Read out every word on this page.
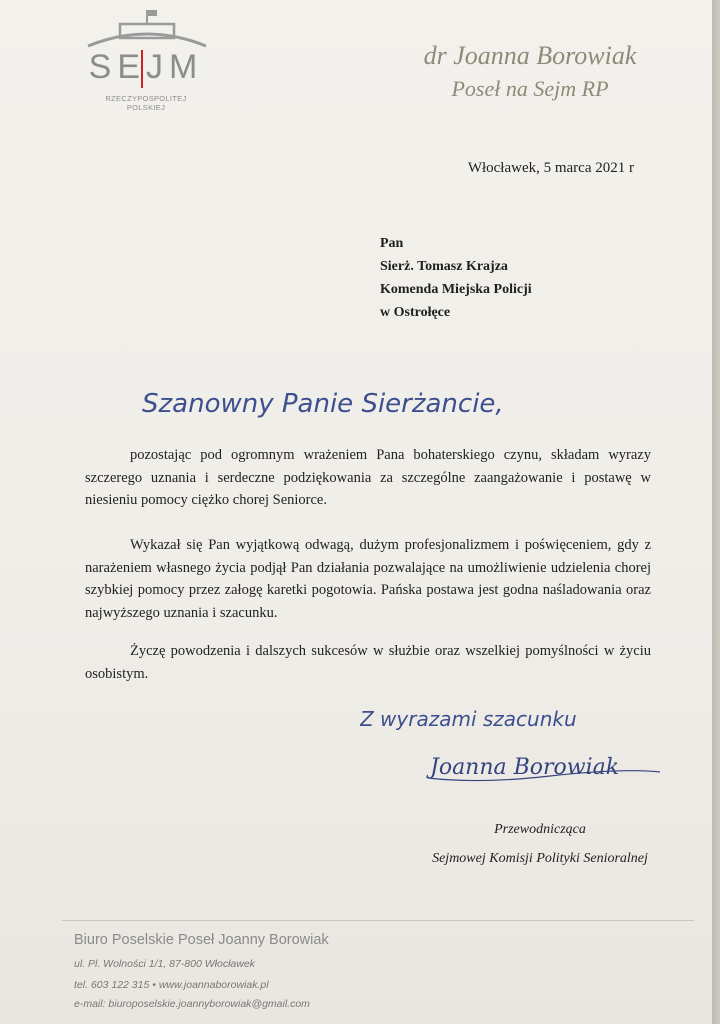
SEJM
RZECZYPOSPOLITEJ POLSKIEJ
dr Joanna Borowiak
Poseł na Sejm RP
Włocławek, 5 marca 2021 r
Pan
Sierż. Tomasz Krajza
Komenda Miejska Policji
w Ostrołęce
Szanowny Panie Sierżancie,
pozostając pod ogromnym wrażeniem Pana bohaterskiego czynu, składam wyrazy szczerego uznania i serdeczne podziękowania za szczególne zaangażowanie i postawę w niesieniu pomocy ciężko chorej Seniorce.
Wykazał się Pan wyjątkową odwagą, dużym profesjonalizmem i poświęceniem, gdy z narażeniem własnego życia podjął Pan działania pozwalające na umożliwienie udzielenia chorej szybkiej pomocy przez załogę karetki pogotowia. Pańska postawa jest godna naśladowania oraz najwyższego uznania i szacunku.
Życzę powodzenia i dalszych sukcesów w służbie oraz wszelkiej pomyślności w życiu osobistym.
Z wyrazami szacunku
Joanna Borowiak
Przewodnicząca
Sejmowej Komisji Polityki Senioralnej
Biuro Poselskie Poseł Joanny Borowiak
ul. Pl. Wolności 1/1, 87-800 Włocławek
tel. 603 122 315 • www.joannaborowiak.pl
e-mail: biuroposelskie.joannyborowiak@gmail.com
